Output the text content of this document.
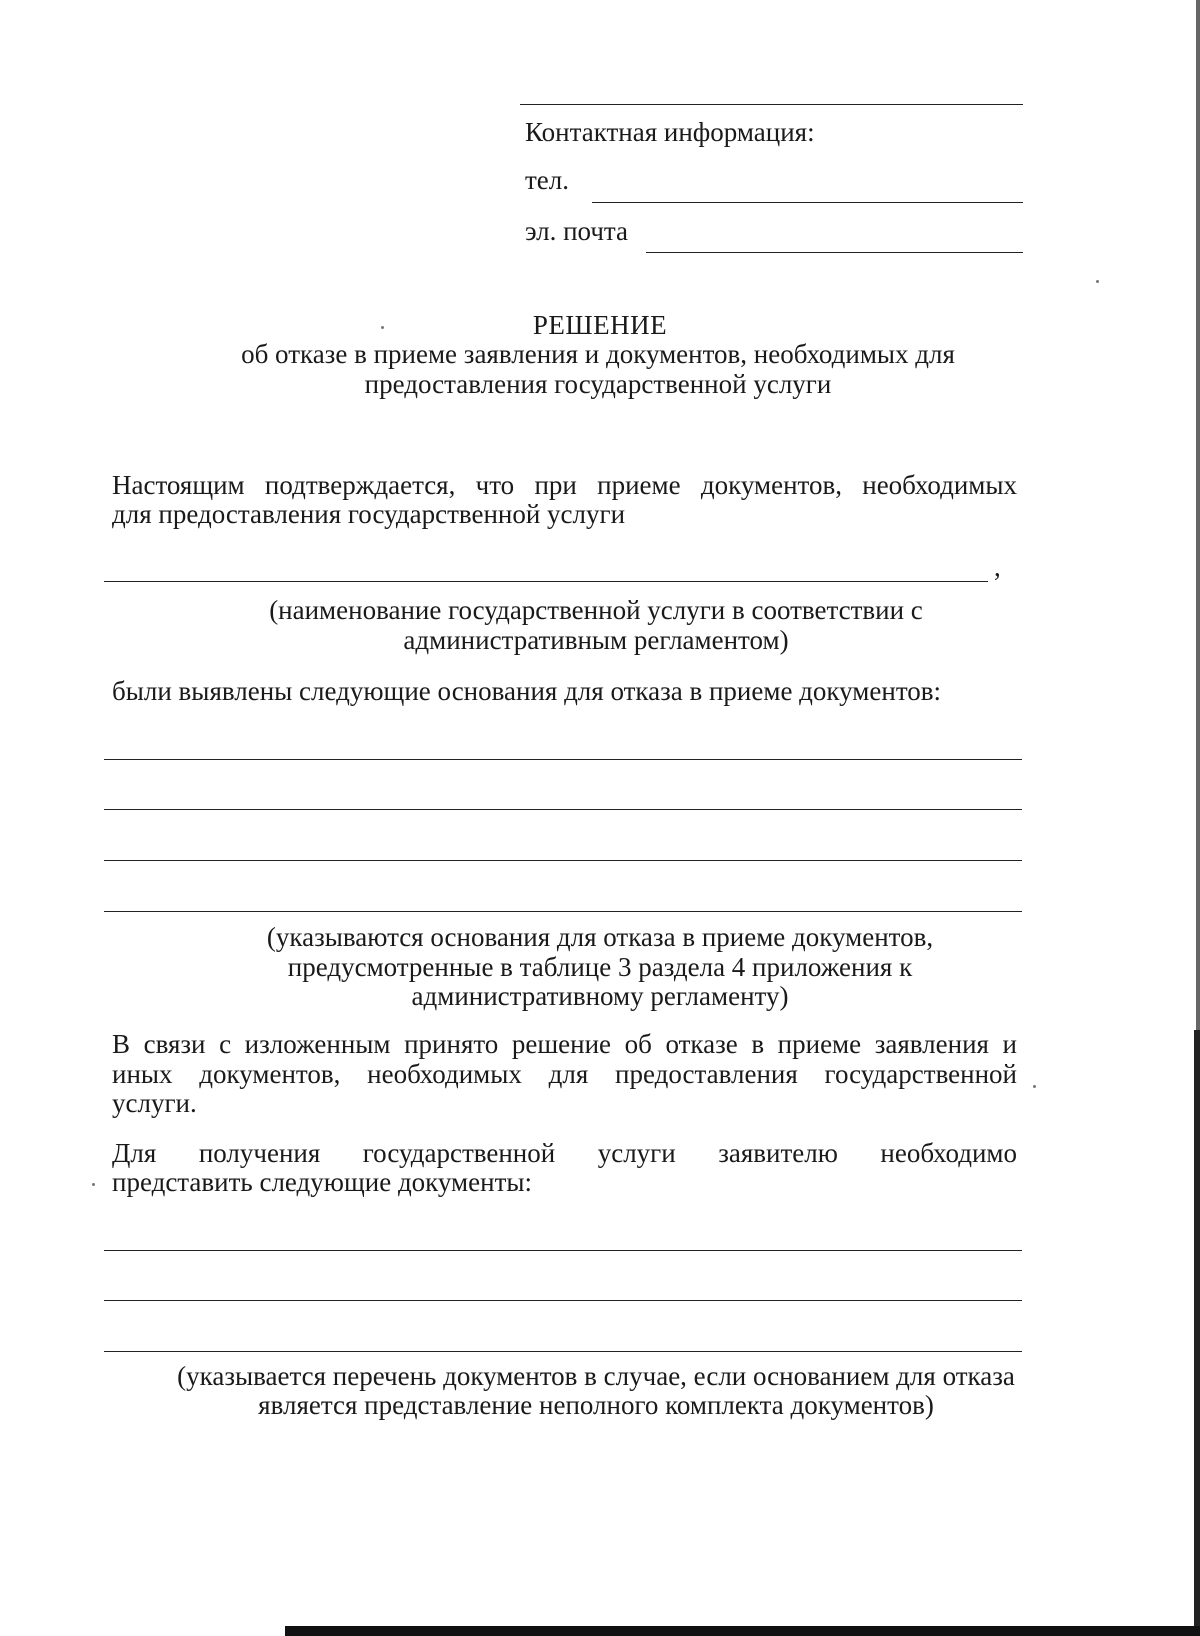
Контактная информация:
тел.
эл. почта
РЕШЕНИЕ
об отказе в приеме заявления и документов, необходимых для
предоставления государственной услуги
Настоящим подтверждается, что при приеме документов, необходимых
для предоставления государственной услуги
,
(наименование государственной услуги в соответствии с
административным регламентом)
были выявлены следующие основания для отказа в приеме документов:
(указываются основания для отказа в приеме документов,
предусмотренные в таблице 3 раздела 4 приложения к
административному регламенту)
В связи с изложенным принято решение об отказе в приеме заявления и
иных документов, необходимых для предоставления государственной
услуги.
Для получения государственной услуги заявителю необходимо
представить следующие документы:
(указывается перечень документов в случае, если основанием для отказа
является представление неполного комплекта документов)
